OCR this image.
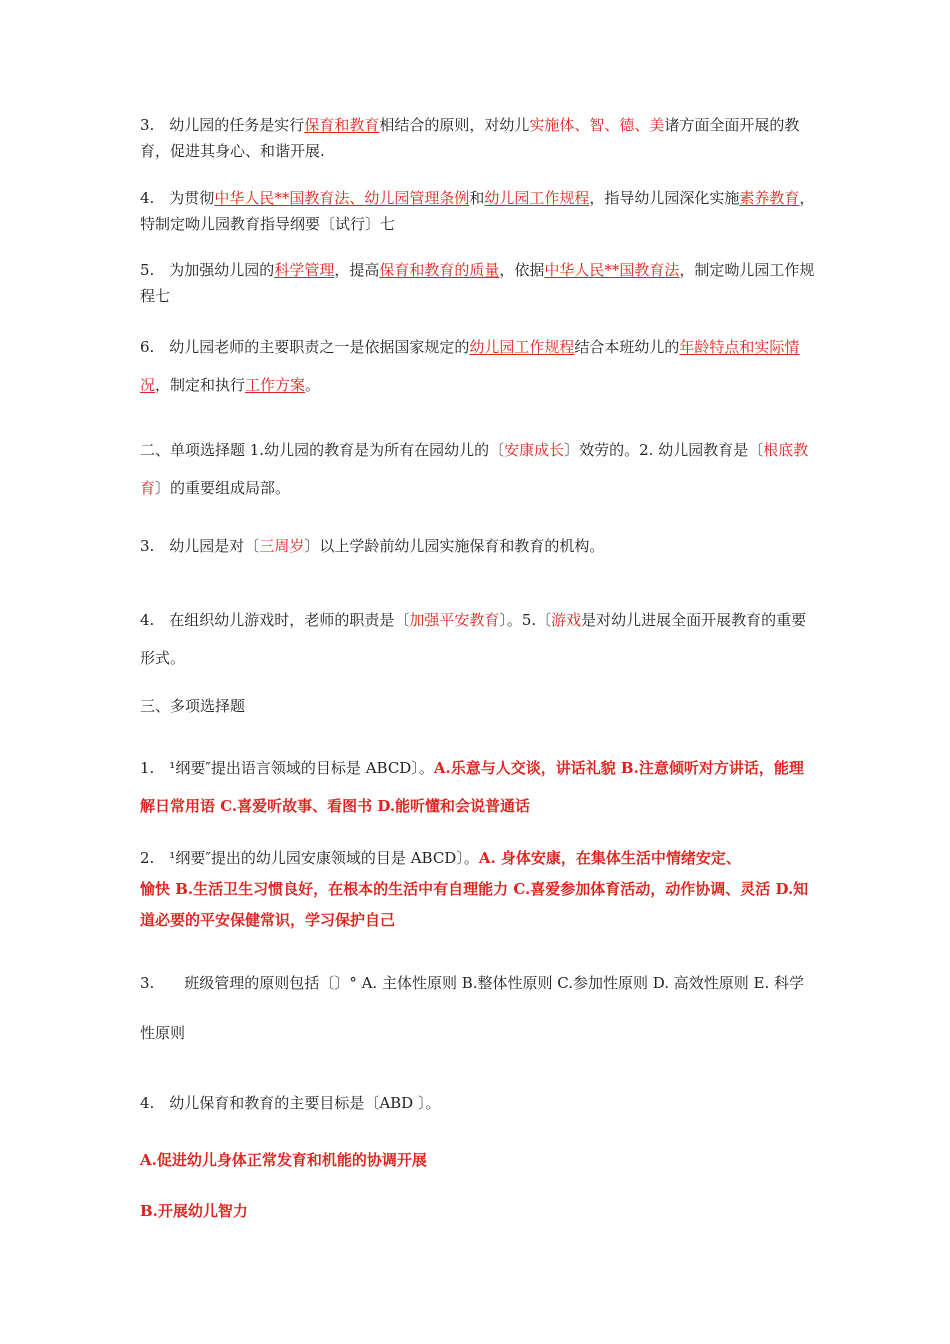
3.　幼儿园的任务是实行保育和教育相结合的原则，对幼儿实施体、智、德、美诸方面全面开展的教育，促进其身心、和谐开展.

4.　为贯彻中华人民**国教育法、幼儿园管理条例和幼儿园工作规程，指导幼儿园深化实施素养教育，特制定呦儿园教育指导纲要〔试行〕七

5.　为加强幼儿园的科学管理，提高保育和教育的质量，依据中华人民**国教育法，制定呦儿园工作规程七

6.　幼儿园老师的主要职责之一是依据国家规定的幼儿园工作规程结合本班幼儿的年龄特点和实际情况，制定和执行工作方案。

二、单项选择题 1.幼儿园的教育是为所有在园幼儿的〔安康成长〕效劳的。2. 幼儿园教育是〔根底教育〕的重要组成局部。

3.　幼儿园是对〔三周岁〕以上学龄前幼儿园实施保育和教育的机构。

4.　在组织幼儿游戏时，老师的职责是〔加强平安教育〕。5.〔游戏是对幼儿进展全面开展教育的重要形式。

三、多项选择题

1.　¹纲要″提出语言领域的目标是 ABCD〕。A.乐意与人交谈，讲话礼貌 B.注意倾听对方讲话，能理解日常用语 C.喜爱听故事、看图书 D.能听懂和会说普通话

2.　¹纲要″提出的幼儿园安康领域的目是 ABCD〕。A. 身体安康，在集体生活中情绪安定、
愉快 B.生活卫生习惯良好，在根本的生活中有自理能力 C.喜爱参加体育活动，动作协调、灵活 D.知道必要的平安保健常识，学习保护自己

3.　　班级管理的原则包括〔〕° A. 主体性原则 B.整体性原则 C.参加性原则 D. 高效性原则 E. 科学性原则

4.　幼儿保育和教育的主要目标是〔ABD 〕。

A.促进幼儿身体正常发育和机能的协调开展

B.开展幼儿智力
